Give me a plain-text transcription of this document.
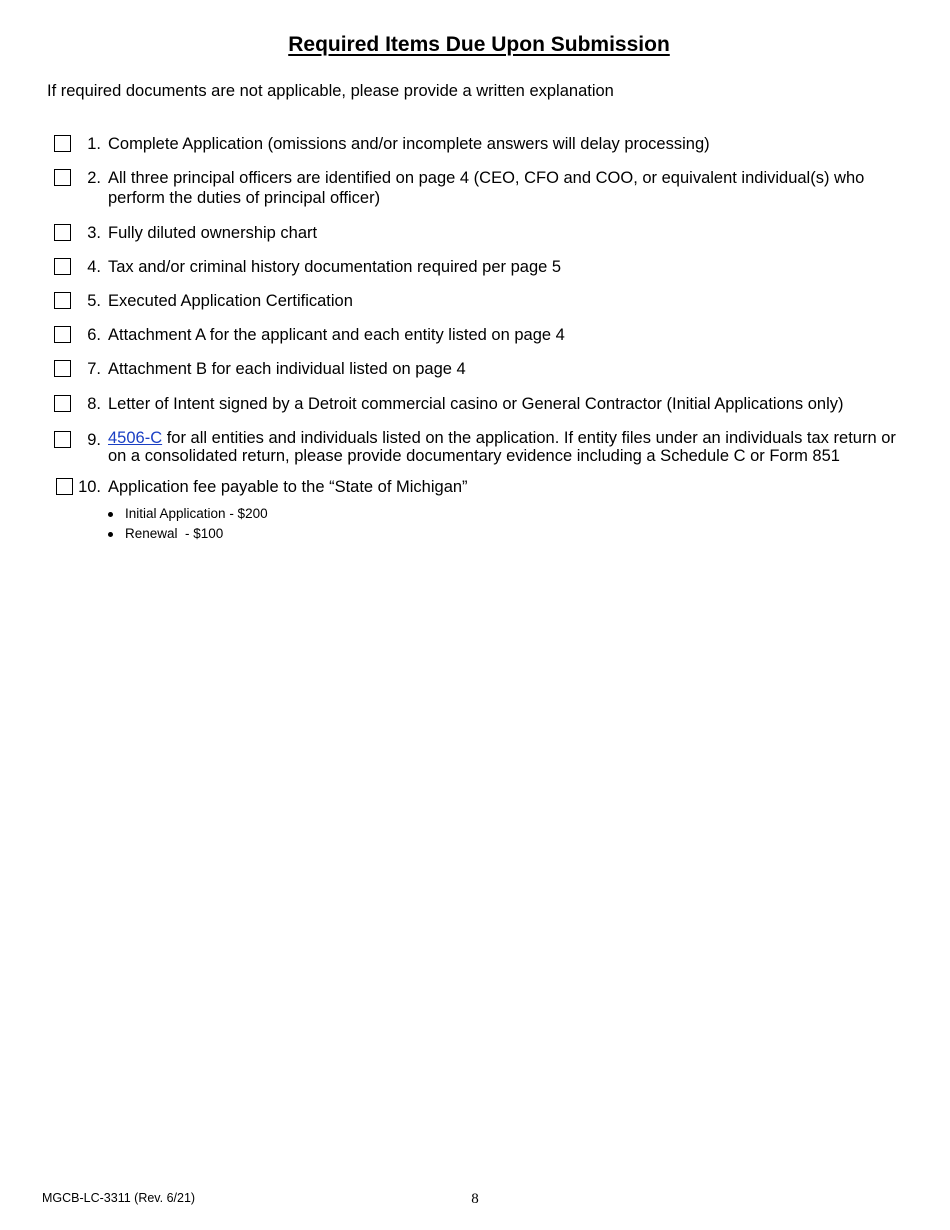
Required Items Due Upon Submission
If required documents are not applicable, please provide a written explanation
1. Complete Application (omissions and/or incomplete answers will delay processing)
2. All three principal officers are identified on page 4 (CEO, CFO and COO, or equivalent individual(s) who perform the duties of principal officer)
3. Fully diluted ownership chart
4. Tax and/or criminal history documentation required per page 5
5. Executed Application Certification
6. Attachment A for the applicant and each entity listed on page 4
7. Attachment B for each individual listed on page 4
8. Letter of Intent signed by a Detroit commercial casino or General Contractor (Initial Applications only)
9. 4506-C for all entities and individuals listed on the application. If entity files under an individuals tax return or on a consolidated return, please provide documentary evidence including a Schedule C or Form 851
10. Application fee payable to the “State of Michigan”
Initial Application - $200
Renewal  - $100
MGCB-LC-3311 (Rev. 6/21)	8
